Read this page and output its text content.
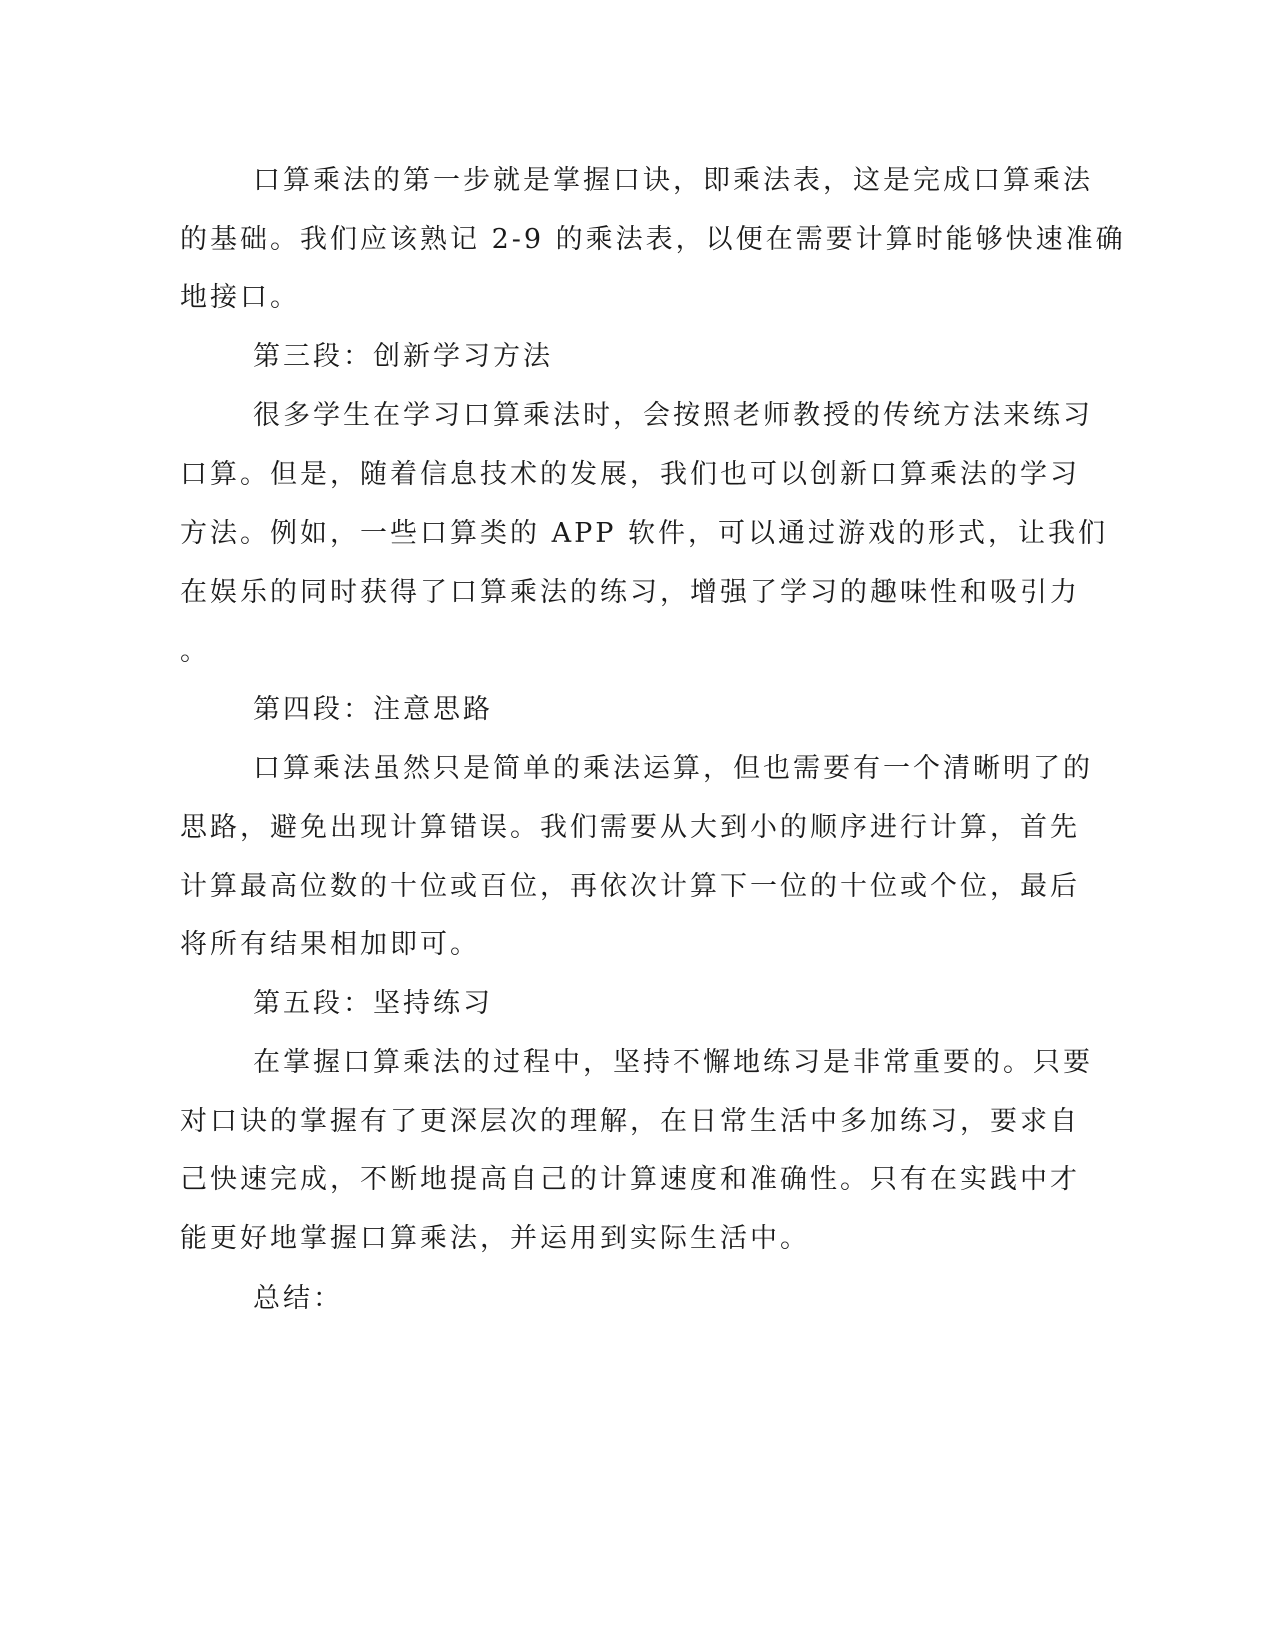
口算乘法的第一步就是掌握口诀，即乘法表，这是完成口算乘法
的基础。我们应该熟记 2-9 的乘法表，以便在需要计算时能够快速准确
地接口。
第三段：创新学习方法
很多学生在学习口算乘法时，会按照老师教授的传统方法来练习
口算。但是，随着信息技术的发展，我们也可以创新口算乘法的学习
方法。例如，一些口算类的 APP 软件，可以通过游戏的形式，让我们
在娱乐的同时获得了口算乘法的练习，增强了学习的趣味性和吸引力
。
第四段：注意思路
口算乘法虽然只是简单的乘法运算，但也需要有一个清晰明了的
思路，避免出现计算错误。我们需要从大到小的顺序进行计算，首先
计算最高位数的十位或百位，再依次计算下一位的十位或个位，最后
将所有结果相加即可。
第五段：坚持练习
在掌握口算乘法的过程中，坚持不懈地练习是非常重要的。只要
对口诀的掌握有了更深层次的理解，在日常生活中多加练习，要求自
己快速完成，不断地提高自己的计算速度和准确性。只有在实践中才
能更好地掌握口算乘法，并运用到实际生活中。
总结：
